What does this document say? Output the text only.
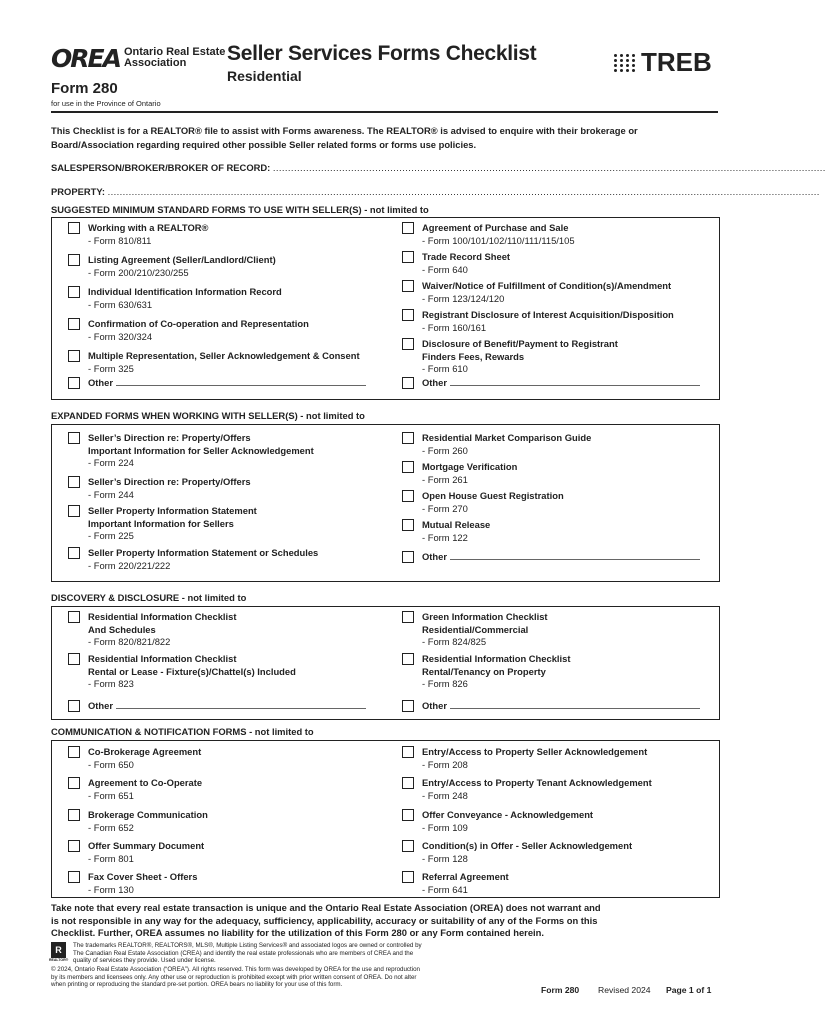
OREA Ontario Real Estate
Association
Form 280
for use in the Province of Ontario
Seller Services Forms Checklist
Residential	TREB
This Checklist is for a REALTOR® file to assist with Forms awareness. The REALTOR® is advised to enquire with their brokerage or
Board/Association regarding required other possible Seller related forms or forms use policies.
SALESPERSON/BROKER/BROKER OF RECORD: ........................................................................................................................................................................................
PROPERTY: .............................................................................................................................................................................................................................................
SUGGESTED MINIMUM STANDARD FORMS TO USE WITH SELLER(S) - not limited to
Working with a REALTOR®
- Form 810/811
Listing Agreement (Seller/Landlord/Client)
- Form 200/210/230/255
Individual Identification Information Record
- Form 630/631
Confirmation of Co-operation and Representation
- Form 320/324
Multiple Representation, Seller Acknowledgement & Consent
- Form 325
Other
Agreement of Purchase and Sale
- Form 100/101/102/110/111/115/105
Trade Record Sheet
- Form 640
Waiver/Notice of Fulfillment of Condition(s)/Amendment
- Form 123/124/120
Registrant Disclosure of Interest Acquisition/Disposition
- Form 160/161
Disclosure of Benefit/Payment to Registrant
Finders Fees, Rewards
- Form 610
Other
EXPANDED FORMS WHEN WORKING WITH SELLER(S) - not limited to
Seller’s Direction re: Property/Offers
Important Information for Seller Acknowledgement
- Form 224
Seller’s Direction re: Property/Offers
- Form 244
Seller Property Information Statement
Important Information for Sellers
- Form 225
Seller Property Information Statement or Schedules
- Form 220/221/222
Residential Market Comparison Guide
- Form 260
Mortgage Verification
- Form 261
Open House Guest Registration
- Form 270
Mutual Release
- Form 122
Other
DISCOVERY & DISCLOSURE - not limited to
Residential Information Checklist
And Schedules
- Form 820/821/822
Residential Information Checklist
Rental or Lease - Fixture(s)/Chattel(s) Included
- Form 823
Other
Green Information Checklist
Residential/Commercial
- Form 824/825
Residential Information Checklist
Rental/Tenancy on Property
- Form 826
Other
COMMUNICATION & NOTIFICATION FORMS - not limited to
Co-Brokerage Agreement
- Form 650
Agreement to Co-Operate
- Form 651
Brokerage Communication
- Form 652
Offer Summary Document
- Form 801
Fax Cover Sheet - Offers
- Form 130
Entry/Access to Property Seller Acknowledgement
- Form 208
Entry/Access to Property Tenant Acknowledgement
- Form 248
Offer Conveyance - Acknowledgement
- Form 109
Condition(s) in Offer - Seller Acknowledgement
- Form 128
Referral Agreement
- Form 641
Take note that every real estate transaction is unique and the Ontario Real Estate Association (OREA) does not warrant and
is not responsible in any way for the adequacy, sufficiency, applicability, accuracy or suitability of any of the Forms on this
Checklist. Further, OREA assumes no liability for the utilization of this Form 280 or any Form contained herein.
R
REALTOR®
The trademarks REALTOR®, REALTORS®, MLS®, Multiple Listing Services® and associated logos are owned or controlled by
The Canadian Real Estate Association (CREA) and identify the real estate professionals who are members of CREA and the
quality of services they provide. Used under license.
© 2024, Ontario Real Estate Association (“OREA”). All rights reserved. This form was developed by OREA for the use and reproduction
by its members and licensees only. Any other use or reproduction is prohibited except with prior written consent of OREA. Do not alter
when printing or reproducing the standard pre-set portion. OREA bears no liability for your use of this form.
Form 280 Revised 2024 Page 1 of 1
